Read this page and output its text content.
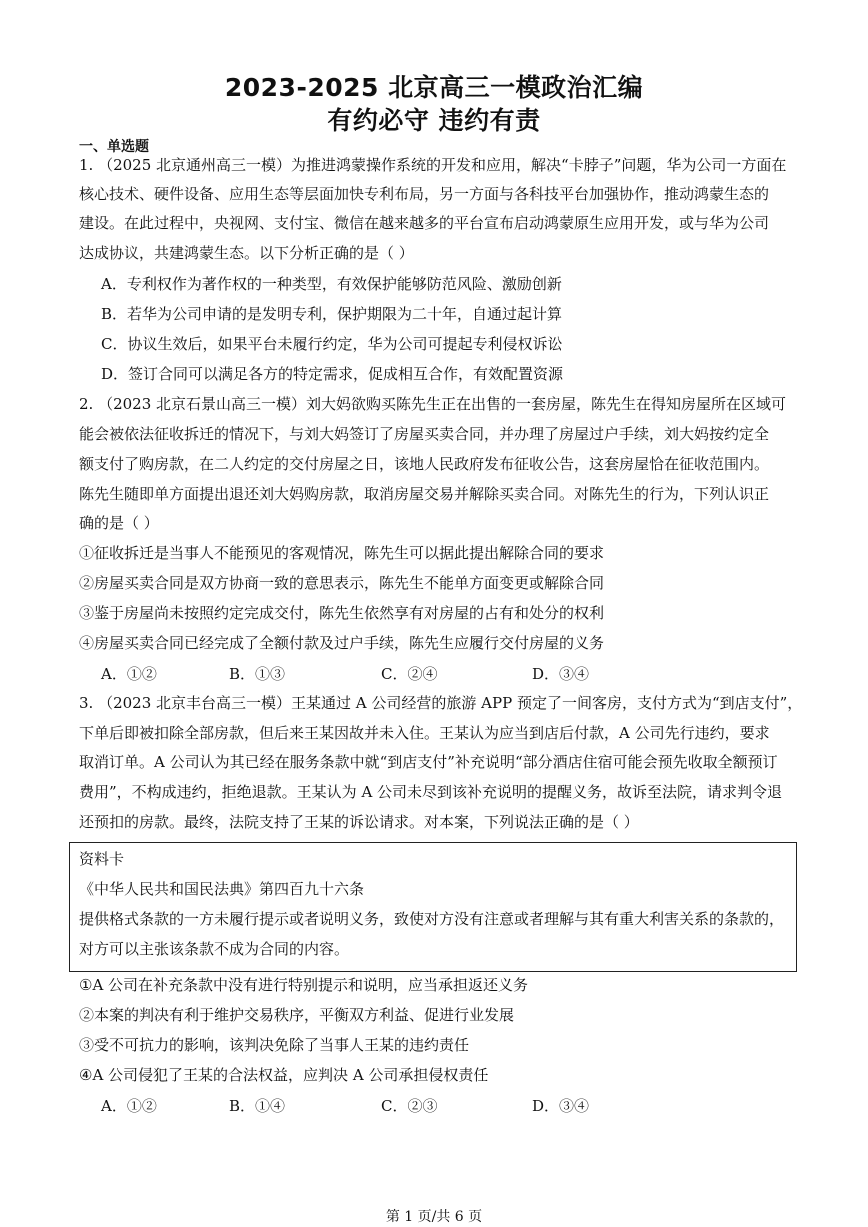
2023-2025 北京高三一模政治汇编
有约必守 违约有责
一、单选题
1. （2025 北京通州高三一模）为推进鸿蒙操作系统的开发和应用，解决“卡脖子”问题，华为公司一方面在
核心技术、硬件设备、应用生态等层面加快专利布局，另一方面与各科技平台加强协作，推动鸿蒙生态的
建设。在此过程中，央视网、支付宝、微信在越来越多的平台宣布启动鸿蒙原生应用开发，或与华为公司
达成协议，共建鸿蒙生态。以下分析正确的是（ ）
A．专利权作为著作权的一种类型，有效保护能够防范风险、激励创新
B．若华为公司申请的是发明专利，保护期限为二十年，自通过起计算
C．协议生效后，如果平台未履行约定，华为公司可提起专利侵权诉讼
D．签订合同可以满足各方的特定需求，促成相互合作，有效配置资源
2. （2023 北京石景山高三一模）刘大妈欲购买陈先生正在出售的一套房屋，陈先生在得知房屋所在区域可
能会被依法征收拆迁的情况下，与刘大妈签订了房屋买卖合同，并办理了房屋过户手续，刘大妈按约定全
额支付了购房款，在二人约定的交付房屋之日，该地人民政府发布征收公告，这套房屋恰在征收范围内。
陈先生随即单方面提出退还刘大妈购房款，取消房屋交易并解除买卖合同。对陈先生的行为，下列认识正
确的是（ ）
①征收拆迁是当事人不能预见的客观情况，陈先生可以据此提出解除合同的要求
②房屋买卖合同是双方协商一致的意思表示，陈先生不能单方面变更或解除合同
③鉴于房屋尚未按照约定完成交付，陈先生依然享有对房屋的占有和处分的权利
④房屋买卖合同已经完成了全额付款及过户手续，陈先生应履行交付房屋的义务
A．①②	B．①③	C．②④	D．③④
3. （2023 北京丰台高三一模）王某通过 A 公司经营的旅游 APP 预定了一间客房，支付方式为“到店支付”，
下单后即被扣除全部房款，但后来王某因故并未入住。王某认为应当到店后付款，A 公司先行违约，要求
取消订单。A 公司认为其已经在服务条款中就“到店支付”补充说明“部分酒店住宿可能会预先收取全额预订
费用”，不构成违约，拒绝退款。王某认为 A 公司未尽到该补充说明的提醒义务，故诉至法院，请求判令退
还预扣的房款。最终，法院支持了王某的诉讼请求。对本案，下列说法正确的是（ ）
资料卡
《中华人民共和国民法典》第四百九十六条
提供格式条款的一方未履行提示或者说明义务，致使对方没有注意或者理解与其有重大利害关系的条款的，
对方可以主张该条款不成为合同的内容。
①A 公司在补充条款中没有进行特别提示和说明，应当承担返还义务
②本案的判决有利于维护交易秩序，平衡双方利益、促进行业发展
③受不可抗力的影响，该判决免除了当事人王某的违约责任
④A 公司侵犯了王某的合法权益，应判决 A 公司承担侵权责任
A．①②	B．①④	C．②③	D．③④
第 1 页/共 6 页
